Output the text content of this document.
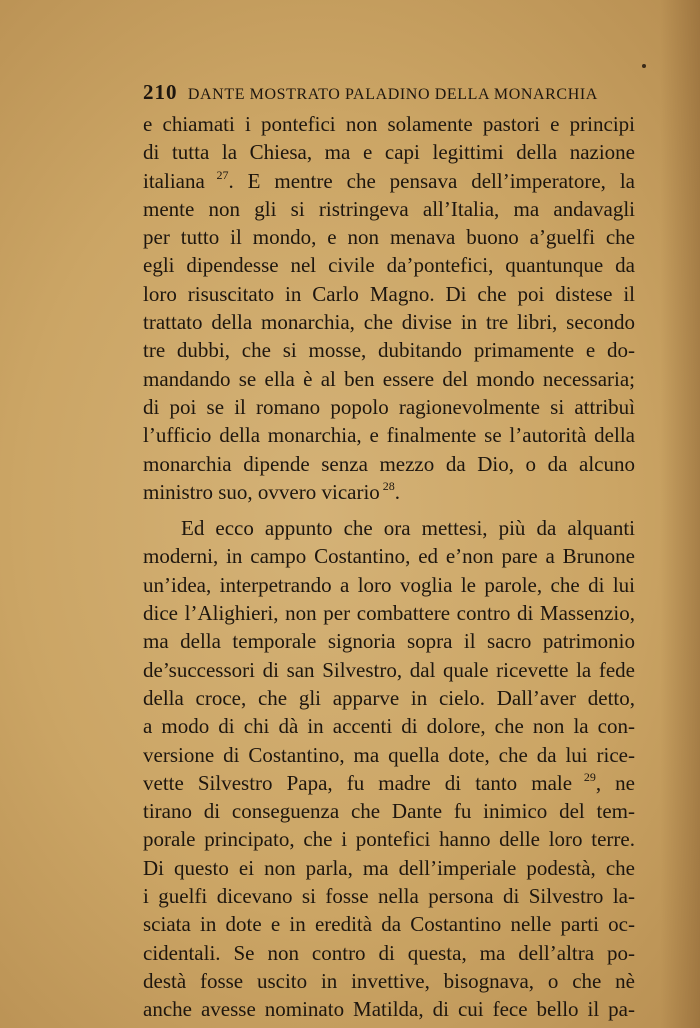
210 DANTE MOSTRATO PALADINO DELLA MONARCHIA
e chiamati i pontefici non solamente pastori e principi
di tutta la Chiesa, ma e capi legittimi della nazione
italiana $^{27}$. E mentre che pensava dell’imperatore, la
mente non gli si ristringeva all’Italia, ma andavagli
per tutto il mondo, e non menava buono a’guelfi che
egli dipendesse nel civile da’pontefici, quantunque da
loro risuscitato in Carlo Magno. Di che poi distese il
trattato della monarchia, che divise in tre libri, secondo
tre dubbi, che si mosse, dubitando primamente e do-
mandando se ella è al ben essere del mondo necessaria;
di poi se il romano popolo ragionevolmente si attribuì
l’ufficio della monarchia, e finalmente se l’autorità della
monarchia dipende senza mezzo da Dio, o da alcuno
ministro suo, ovvero vicario $^{28}$.
Ed ecco appunto che ora mettesi, più da alquanti
moderni, in campo Costantino, ed e’non pare a Brunone
un’idea, interpetrando a loro voglia le parole, che di lui
dice l’Alighieri, non per combattere contro di Massenzio,
ma della temporale signoria sopra il sacro patrimonio
de’successori di san Silvestro, dal quale ricevette la fede
della croce, che gli apparve in cielo. Dall’aver detto,
a modo di chi dà in accenti di dolore, che non la con-
versione di Costantino, ma quella dote, che da lui rice-
vette Silvestro Papa, fu madre di tanto male $^{29}$, ne
tirano di conseguenza che Dante fu inimico del tem-
porale principato, che i pontefici hanno delle loro terre.
Di questo ei non parla, ma dell’imperiale podestà, che
i guelfi dicevano si fosse nella persona di Silvestro la-
sciata in dote e in eredità da Costantino nelle parti oc-
cidentali. Se non contro di questa, ma dell’altra po-
destà fosse uscito in invettive, bisognava, o che nè
anche avesse nominato Matilda, di cui fece bello il pa-
